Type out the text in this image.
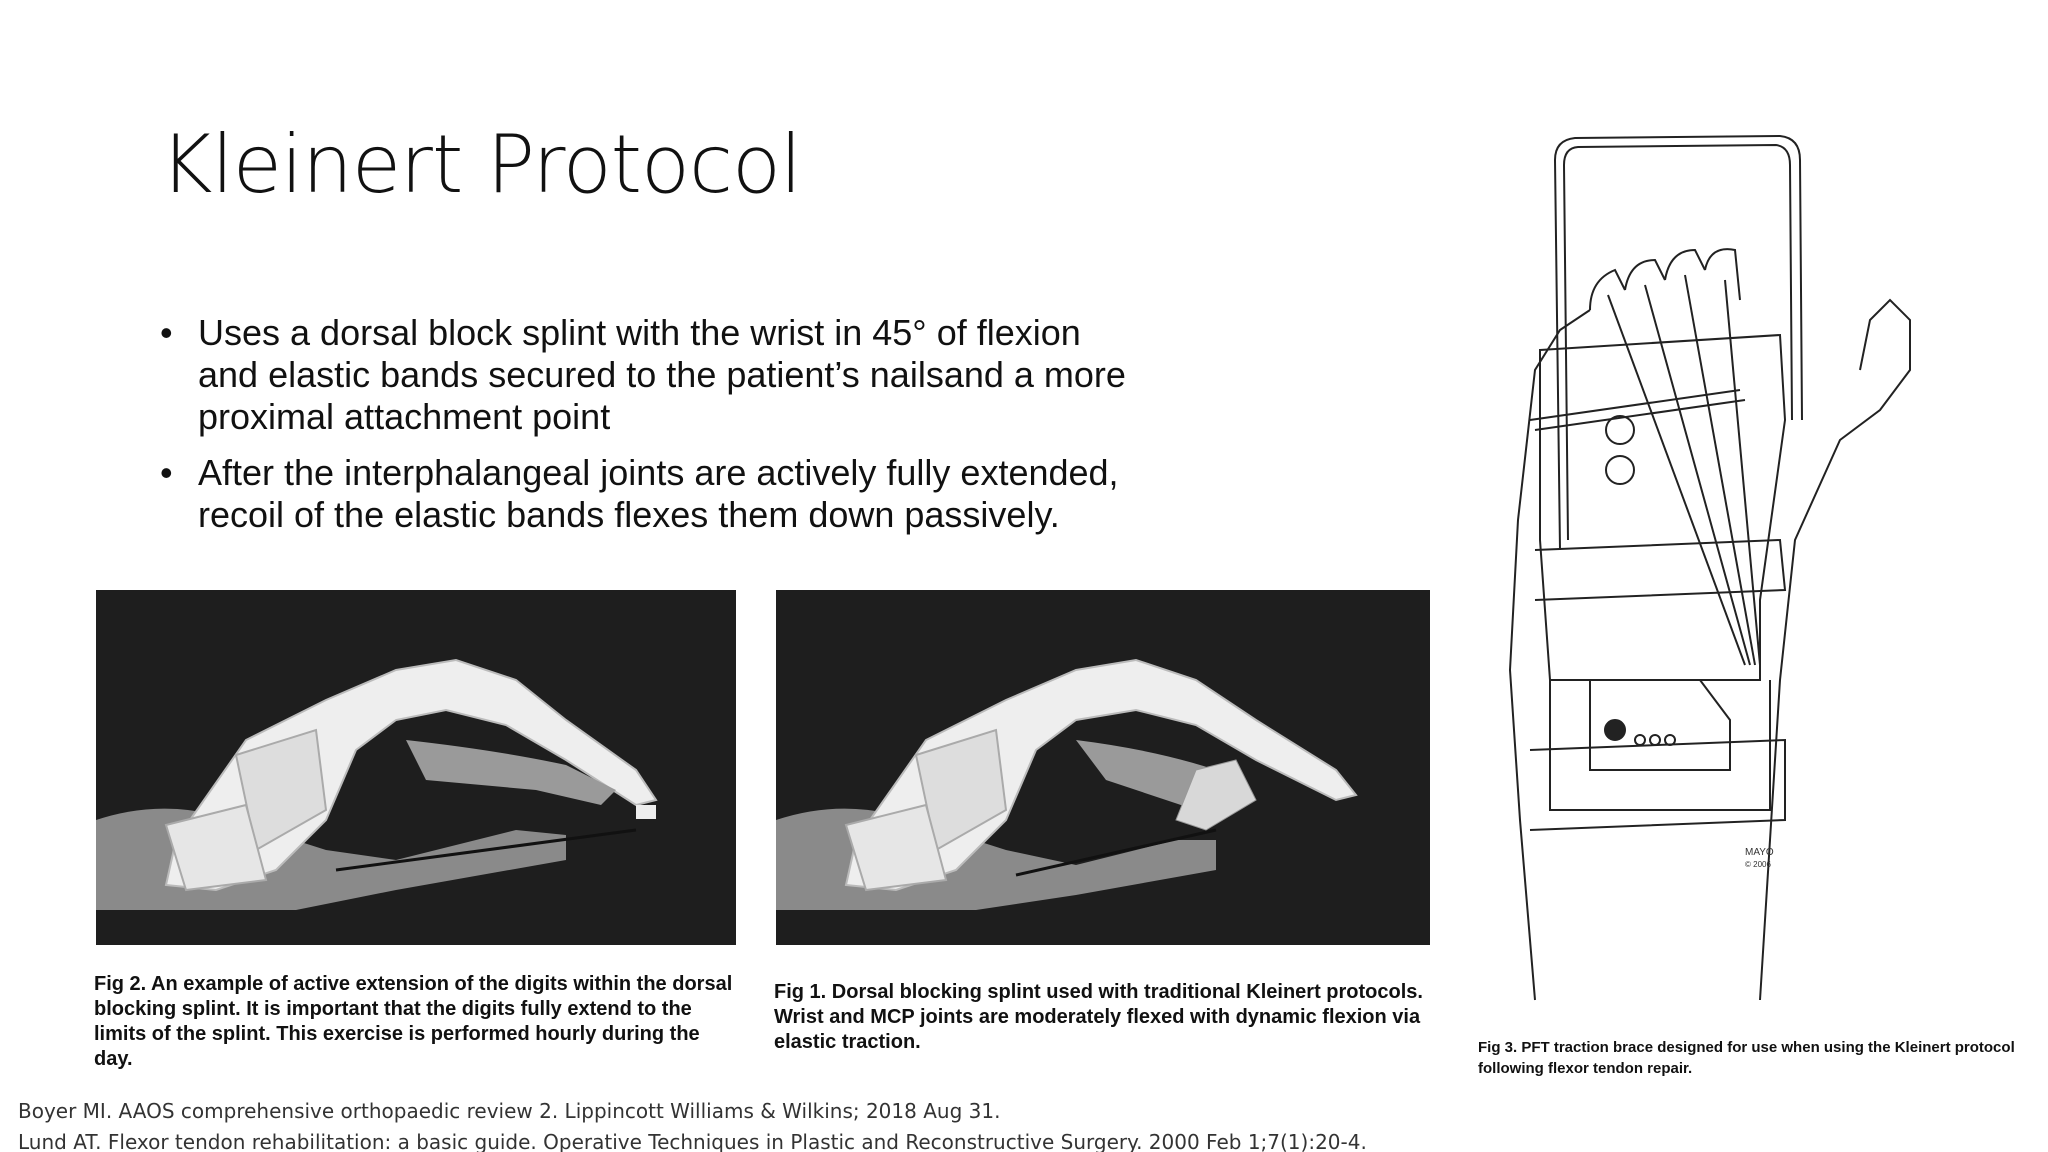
Kleinert Protocol
• Uses a dorsal block splint with the wrist in 45° of flexion and elastic bands secured to the patient’s nailsand a more proximal attachment point
• After the interphalangeal joints are actively fully extended, recoil of the elastic bands flexes them down passively.
Fig 2. An example of active extension of the digits within the dorsal blocking splint. It is important that the digits fully extend to the limits of the splint. This exercise is performed hourly during the day.
Fig 1. Dorsal blocking splint used with traditional Kleinert protocols. Wrist and MCP joints are moderately flexed with dynamic flexion via elastic traction.
MAYO
© 2006
Fig 3. PFT traction brace designed for use when using the Kleinert protocol following flexor tendon repair.
Boyer MI. AAOS comprehensive orthopaedic review 2. Lippincott Williams & Wilkins; 2018 Aug 31.
Lund AT. Flexor tendon rehabilitation: a basic guide. Operative Techniques in Plastic and Reconstructive Surgery. 2000 Feb 1;7(1):20-4.
